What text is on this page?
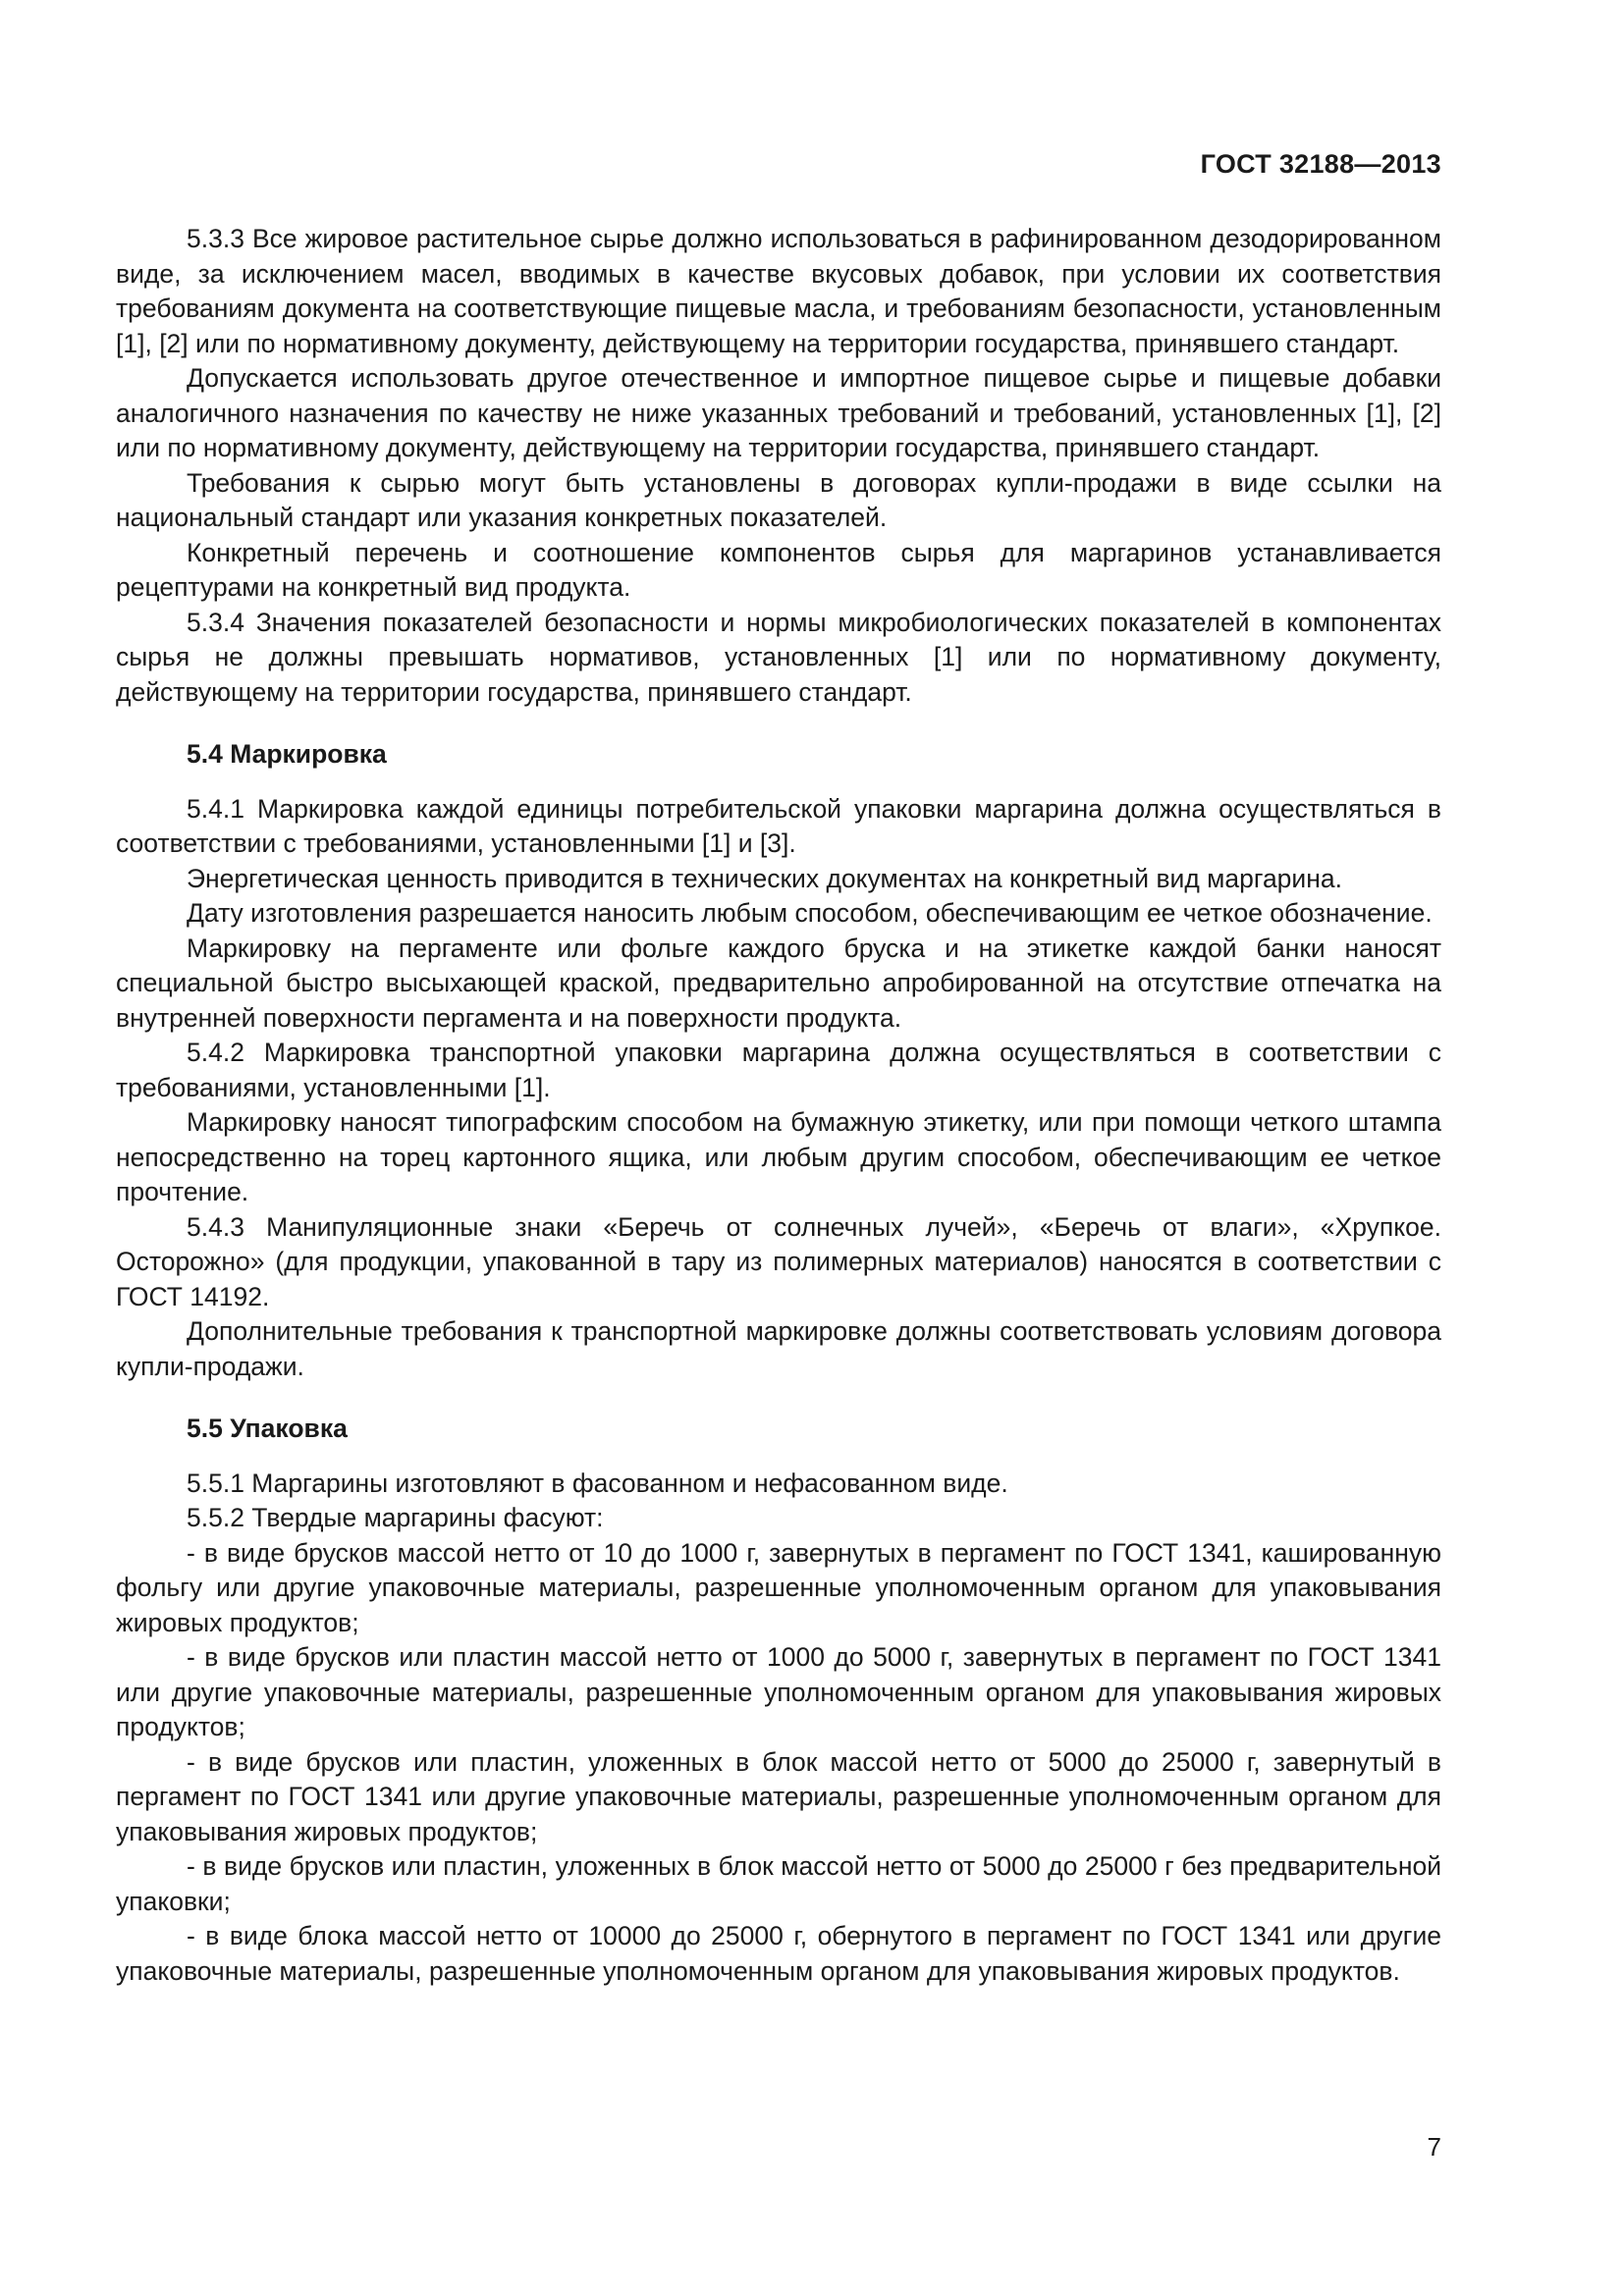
ГОСТ 32188—2013

5.3.3 Все жировое растительное сырье должно использоваться в рафинированном дезодорированном виде, за исключением масел, вводимых в качестве вкусовых добавок, при условии их соответствия требованиям документа на соответствующие пищевые масла, и требованиям безопасности, установленным [1], [2] или по нормативному документу, действующему на территории государства, принявшего стандарт.

Допускается использовать другое отечественное и импортное пищевое сырье и пищевые добавки аналогичного назначения по качеству не ниже указанных требований и требований, установленных [1], [2] или по нормативному документу, действующему на территории государства, принявшего стандарт.

Требования к сырью могут быть установлены в договорах купли-продажи в виде ссылки на национальный стандарт или указания конкретных показателей.

Конкретный перечень и соотношение компонентов сырья для маргаринов устанавливается рецептурами на конкретный вид продукта.

5.3.4 Значения показателей безопасности и нормы микробиологических показателей в компонентах сырья не должны превышать нормативов, установленных [1] или по нормативному документу, действующему на территории государства, принявшего стандарт.

5.4 Маркировка

5.4.1 Маркировка каждой единицы потребительской упаковки маргарина должна осуществляться в соответствии с требованиями, установленными [1] и [3].

Энергетическая ценность приводится в технических документах на конкретный вид маргарина.

Дату изготовления разрешается наносить любым способом, обеспечивающим ее четкое обозначение.

Маркировку на пергаменте или фольге каждого бруска и на этикетке каждой банки наносят специальной быстро высыхающей краской, предварительно апробированной на отсутствие отпечатка на внутренней поверхности пергамента и на поверхности продукта.

5.4.2 Маркировка транспортной упаковки маргарина должна осуществляться в соответствии с требованиями, установленными [1].

Маркировку наносят типографским способом на бумажную этикетку, или при помощи четкого штампа непосредственно на торец картонного ящика, или любым другим способом, обеспечивающим ее четкое прочтение.

5.4.3 Манипуляционные знаки «Беречь от солнечных лучей», «Беречь от влаги», «Хрупкое. Осторожно» (для продукции, упакованной в тару из полимерных материалов) наносятся в соответствии с ГОСТ 14192.

Дополнительные требования к транспортной маркировке должны соответствовать условиям договора купли-продажи.

5.5 Упаковка

5.5.1 Маргарины изготовляют в фасованном и нефасованном виде.

5.5.2 Твердые маргарины фасуют:

- в виде брусков массой нетто от 10 до 1000 г, завернутых в пергамент по ГОСТ 1341, кашированную фольгу или другие упаковочные материалы, разрешенные уполномоченным органом для упаковывания жировых продуктов;

- в виде брусков или пластин массой нетто от 1000 до 5000 г, завернутых в пергамент по ГОСТ 1341 или другие упаковочные материалы, разрешенные уполномоченным органом для упаковывания жировых продуктов;

- в виде брусков или пластин, уложенных в блок массой нетто от 5000 до 25000 г, завернутый в пергамент по ГОСТ 1341 или другие упаковочные материалы, разрешенные уполномоченным органом для упаковывания жировых продуктов;

- в виде брусков или пластин, уложенных в блок массой нетто от 5000 до 25000 г без предварительной упаковки;

- в виде блока массой нетто от 10000 до 25000 г, обернутого в пергамент по ГОСТ 1341 или другие упаковочные материалы, разрешенные уполномоченным органом для упаковывания жировых продуктов.

7
